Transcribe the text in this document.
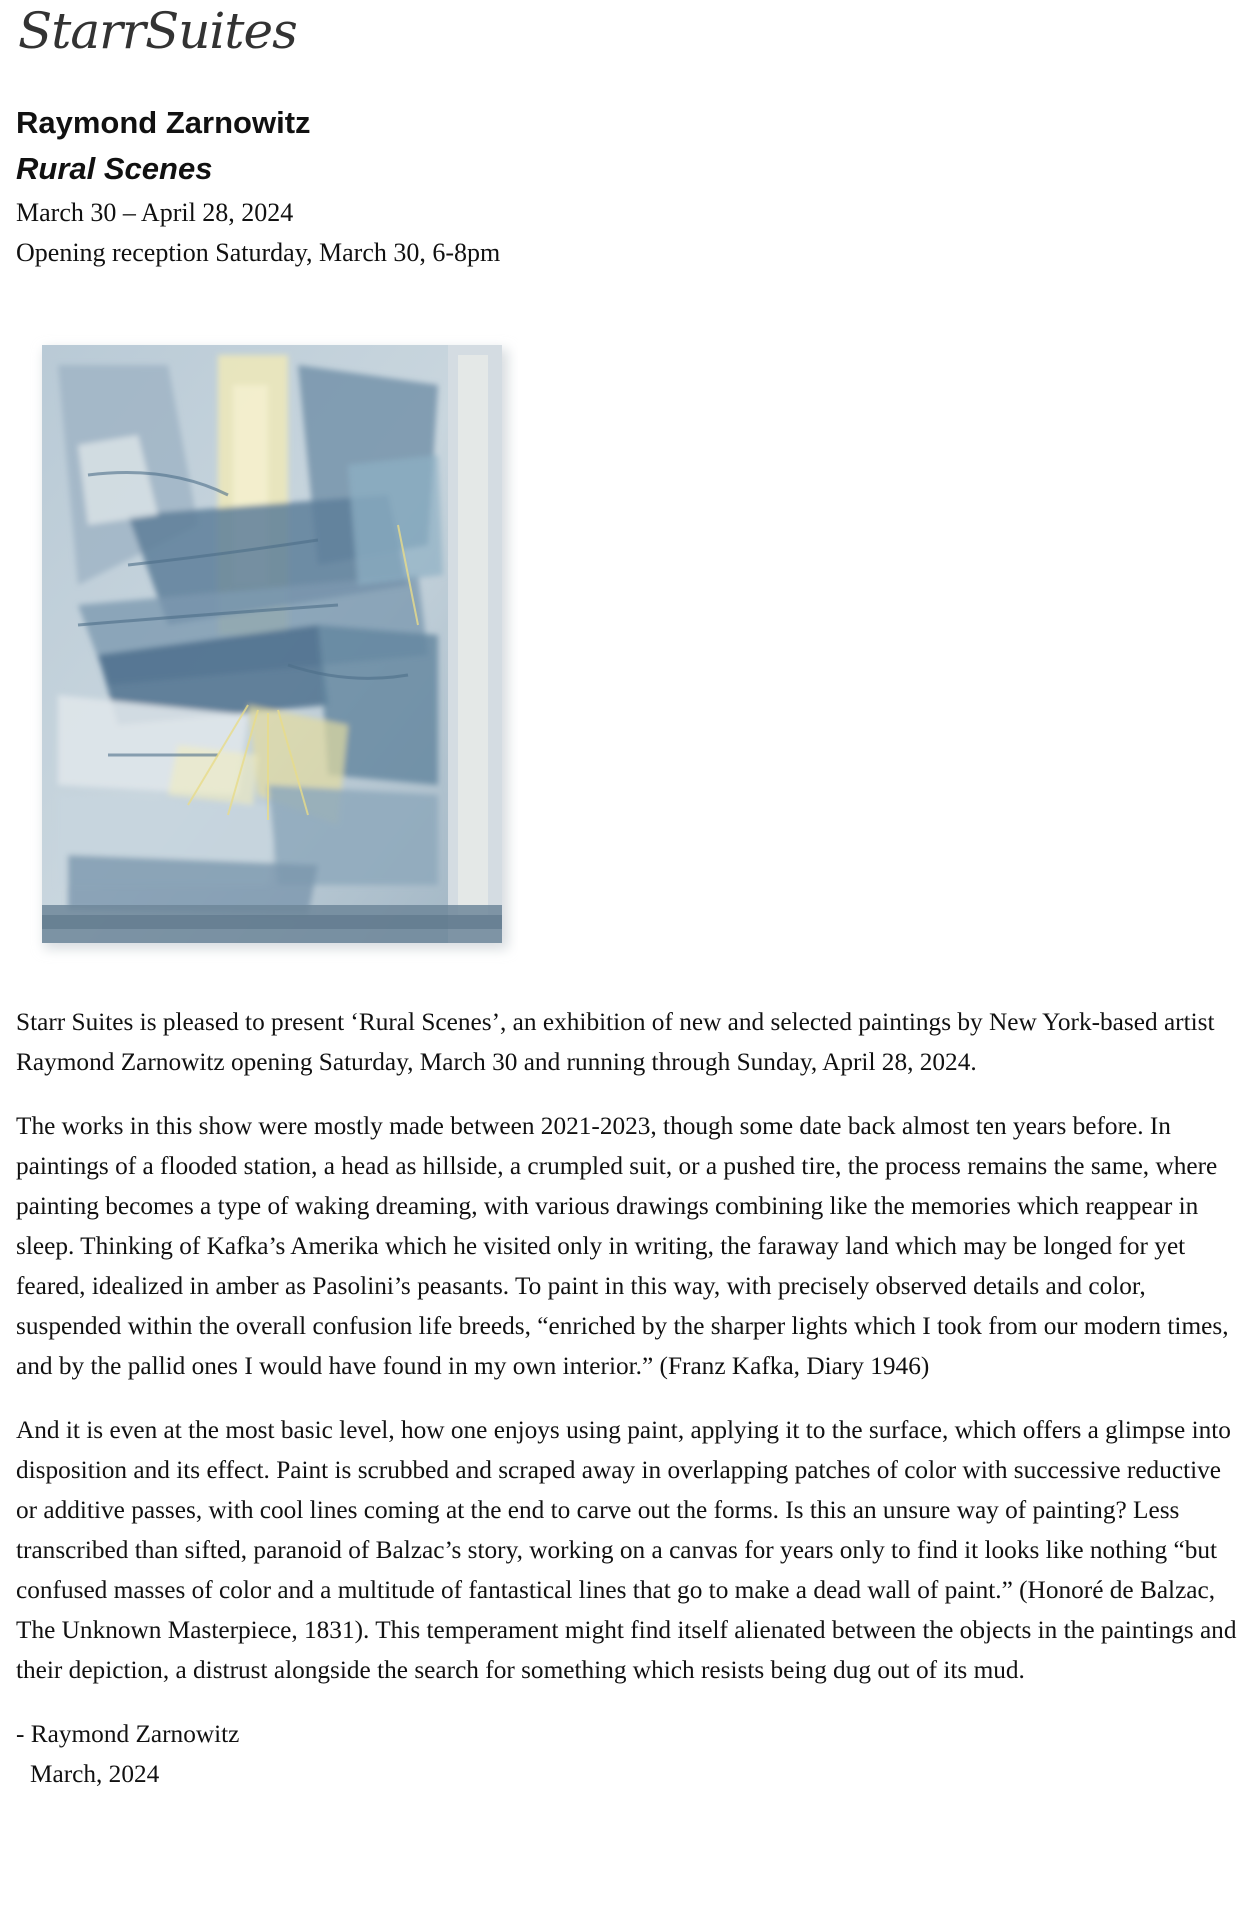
StarrSuites
Raymond Zarnowitz
Rural Scenes
March 30 – April 28, 2024
Opening reception Saturday, March 30, 6-8pm

Starr Suites is pleased to present ‘Rural Scenes’, an exhibition of new and selected paintings by New York-based artist Raymond Zarnowitz opening Saturday, March 30 and running through Sunday, April 28, 2024.

The works in this show were mostly made between 2021-2023, though some date back almost ten years before. In paintings of a flooded station, a head as hillside, a crumpled suit, or a pushed tire, the process remains the same, where painting becomes a type of waking dreaming, with various drawings combining like the memories which reappear in sleep. Thinking of Kafka’s Amerika which he visited only in writing, the faraway land which may be longed for yet feared, idealized in amber as Pasolini’s peasants. To paint in this way, with precisely observed details and color, suspended within the overall confusion life breeds, “enriched by the sharper lights which I took from our modern times, and by the pallid ones I would have found in my own interior.” (Franz Kafka, Diary 1946)

And it is even at the most basic level, how one enjoys using paint, applying it to the surface, which offers a glimpse into disposition and its effect. Paint is scrubbed and scraped away in overlapping patches of color with successive reductive or additive passes, with cool lines coming at the end to carve out the forms. Is this an unsure way of painting? Less transcribed than sifted, paranoid of Balzac’s story, working on a canvas for years only to find it looks like nothing “but confused masses of color and a multitude of fantastical lines that go to make a dead wall of paint.” (Honoré de Balzac, The Unknown Masterpiece, 1831). This temperament might find itself alienated between the objects in the paintings and their depiction, a distrust alongside the search for something which resists being dug out of its mud.

- Raymond Zarnowitz
March, 2024
